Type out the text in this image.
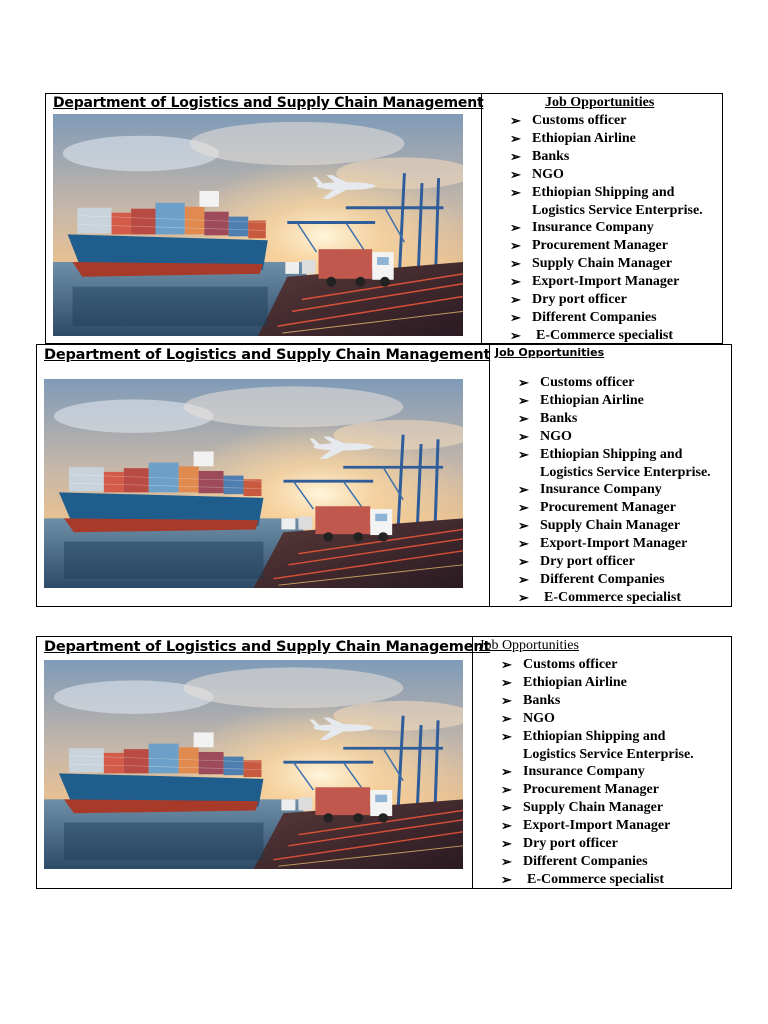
Department of Logistics and Supply Chain Management	Job Opportunities
➢ Customs officer
➢ Ethiopian Airline
➢ Banks
➢ NGO
➢ Ethiopian Shipping and
Logistics Service Enterprise.
➢ Insurance Company
➢ Procurement Manager
➢ Supply Chain Manager
➢ Export-Import Manager
➢ Dry port officer
➢ Different Companies
➢ E-Commerce specialist
Department of Logistics and Supply Chain Management Job Opportunities
➢ Customs officer
➢ Ethiopian Airline
➢ Banks
➢ NGO
➢ Ethiopian Shipping and
Logistics Service Enterprise.
➢ Insurance Company
➢ Procurement Manager
➢ Supply Chain Manager
➢ Export-Import Manager
➢ Dry port officer
➢ Different Companies
➢ E-Commerce specialist
Department of Logistics and Supply Chain Management
Job Opportunities
➢ Customs officer
➢ Ethiopian Airline
➢ Banks
➢ NGO
➢ Ethiopian Shipping and
Logistics Service Enterprise.
➢ Insurance Company
➢ Procurement Manager
➢ Supply Chain Manager
➢ Export-Import Manager
➢ Dry port officer
➢ Different Companies
➢ E-Commerce specialist
